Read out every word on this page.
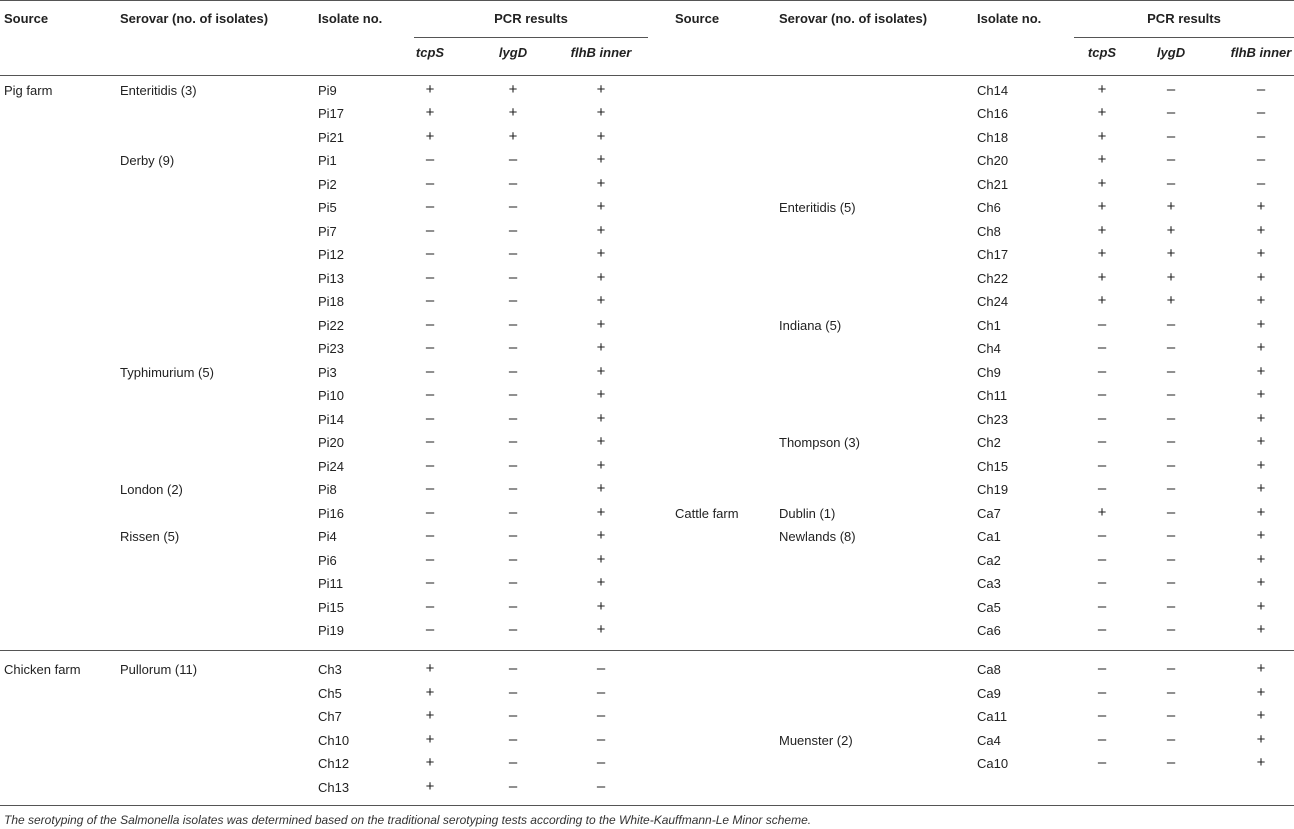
Source	Serovar (no. of isolates)	Isolate no.	PCR results
tcpS	lygD	flhB inner
Source	Serovar (no. of isolates)	Isolate no.	PCR results
tcpS	lygD	flhB inner
Pig farm	Enteritidis (3)	Pi9	+	+	+
Pi17	+	+	+
Pi21	+	+	+
Derby (9)	Pi1	–	–	+
Pi2	–	–	+
Pi5	–	–	+
Pi7	–	–	+
Pi12	–	–	+
Pi13	–	–	+
Pi18	–	–	+
Pi22	–	–	+
Pi23	–	–	+
Typhimurium (5)	Pi3	–	–	+
Pi10	–	–	+
Pi14	–	–	+
Pi20	–	–	+
Pi24	–	–	+
London (2)	Pi8	–	–	+
Pi16	–	–	+
Rissen (5)	Pi4	–	–	+
Pi6	–	–	+
Pi11	–	–	+
Pi15	–	–	+
Pi19	–	–	+
Chicken farm	Pullorum (11)	Ch3	+	–	–
Ch5	+	–	–
Ch7	+	–	–
Ch10	+	–	–
Ch12	+	–	–
Ch13	+	–	–
Ch14	+	–	–
Ch16	+	–	–
Ch18	+	–	–
Ch20	+	–	–
Ch21	+	–	–
Enteritidis (5)	Ch6	+	+	+
Ch8	+	+	+
Ch17	+	+	+
Ch22	+	+	+
Ch24	+	+	+
Indiana (5)	Ch1	–	–	+
Ch4	–	–	+
Ch9	–	–	+
Ch11	–	–	+
Ch23	–	–	+
Thompson (3)	Ch2	–	–	+
Ch15	–	–	+
Ch19	–	–	+
Cattle farm	Dublin (1)	Ca7	+	–	+
Newlands (8)	Ca1	–	–	+
Ca2	–	–	+
Ca3	–	–	+
Ca5	–	–	+
Ca6	–	–	+
Ca8	–	–	+
Ca9	–	–	+
Ca11	–	–	+
Muenster (2)	Ca4	–	–	+
Ca10	–	–	+
The serotyping of the Salmonella isolates was determined based on the traditional serotyping tests according to the White-Kauffmann-Le Minor scheme.
